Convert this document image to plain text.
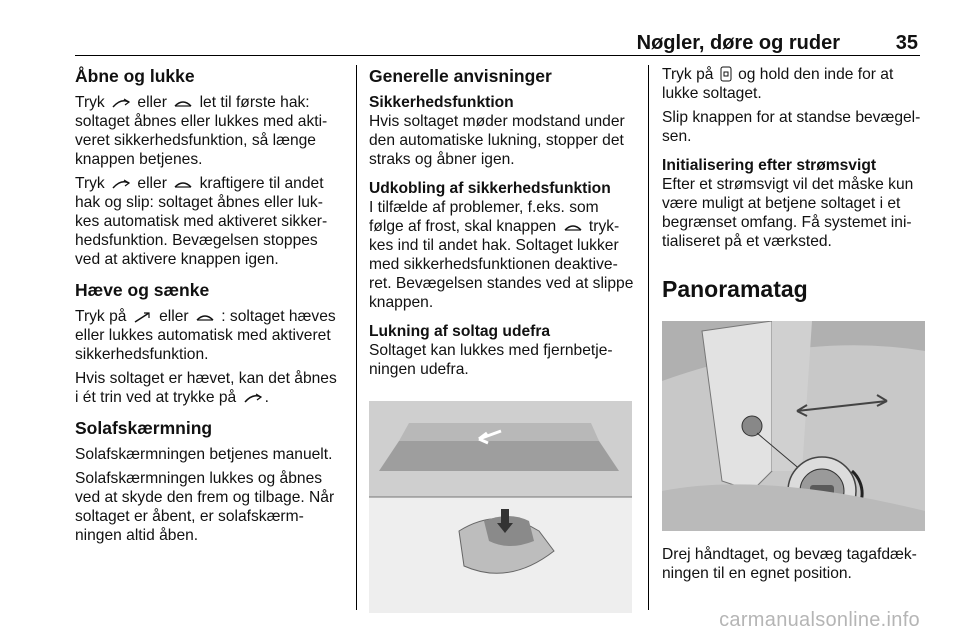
Nøgler, døre og ruder	35
Åbne og lukke

Tryk eller let til første hak: soltaget åbnes eller lukkes med akti-veret sikkerhedsfunktion, så længe knappen betjenes.

Tryk eller kraftigere til andet hak og slip: soltaget åbnes eller luk-kes automatisk med aktiveret sikker-hedsfunktion. Bevægelsen stoppes ved at aktivere knappen igen.

Hæve og sænke

Tryk på eller : soltaget hæves eller lukkes automatisk med aktiveret sikkerhedsfunktion.

Hvis soltaget er hævet, kan det åbnes i ét trin ved at trykke på .

Solafskærmning

Solafskærmningen betjenes manuelt.

Solafskærmningen lukkes og åbnes ved at skyde den frem og tilbage. Når soltaget er åbent, er solafskærm-ningen altid åben.

Generelle anvisninger

Sikkerhedsfunktion
Hvis soltaget møder modstand under den automatiske lukning, stopper det straks og åbner igen.

Udkobling af sikkerhedsfunktion
I tilfælde af problemer, f.eks. som følge af frost, skal knappen tryk-kes ind til andet hak. Soltaget lukker med sikkerhedsfunktionen deaktive-ret. Bevægelsen standes ved at slippe knappen.

Lukning af soltag udefra
Soltaget kan lukkes med fjernbetje-ningen udefra.

Tryk på og hold den inde for at lukke soltaget.

Slip knappen for at standse bevægel-sen.

Initialisering efter strømsvigt
Efter et strømsvigt vil det måske kun være muligt at betjene soltaget i et begrænset omfang. Få systemet ini-tialiseret på et værksted.

Panoramatag

Drej håndtaget, og bevæg tagafdæk-ningen til en egnet position.

carmanualsonline.info
